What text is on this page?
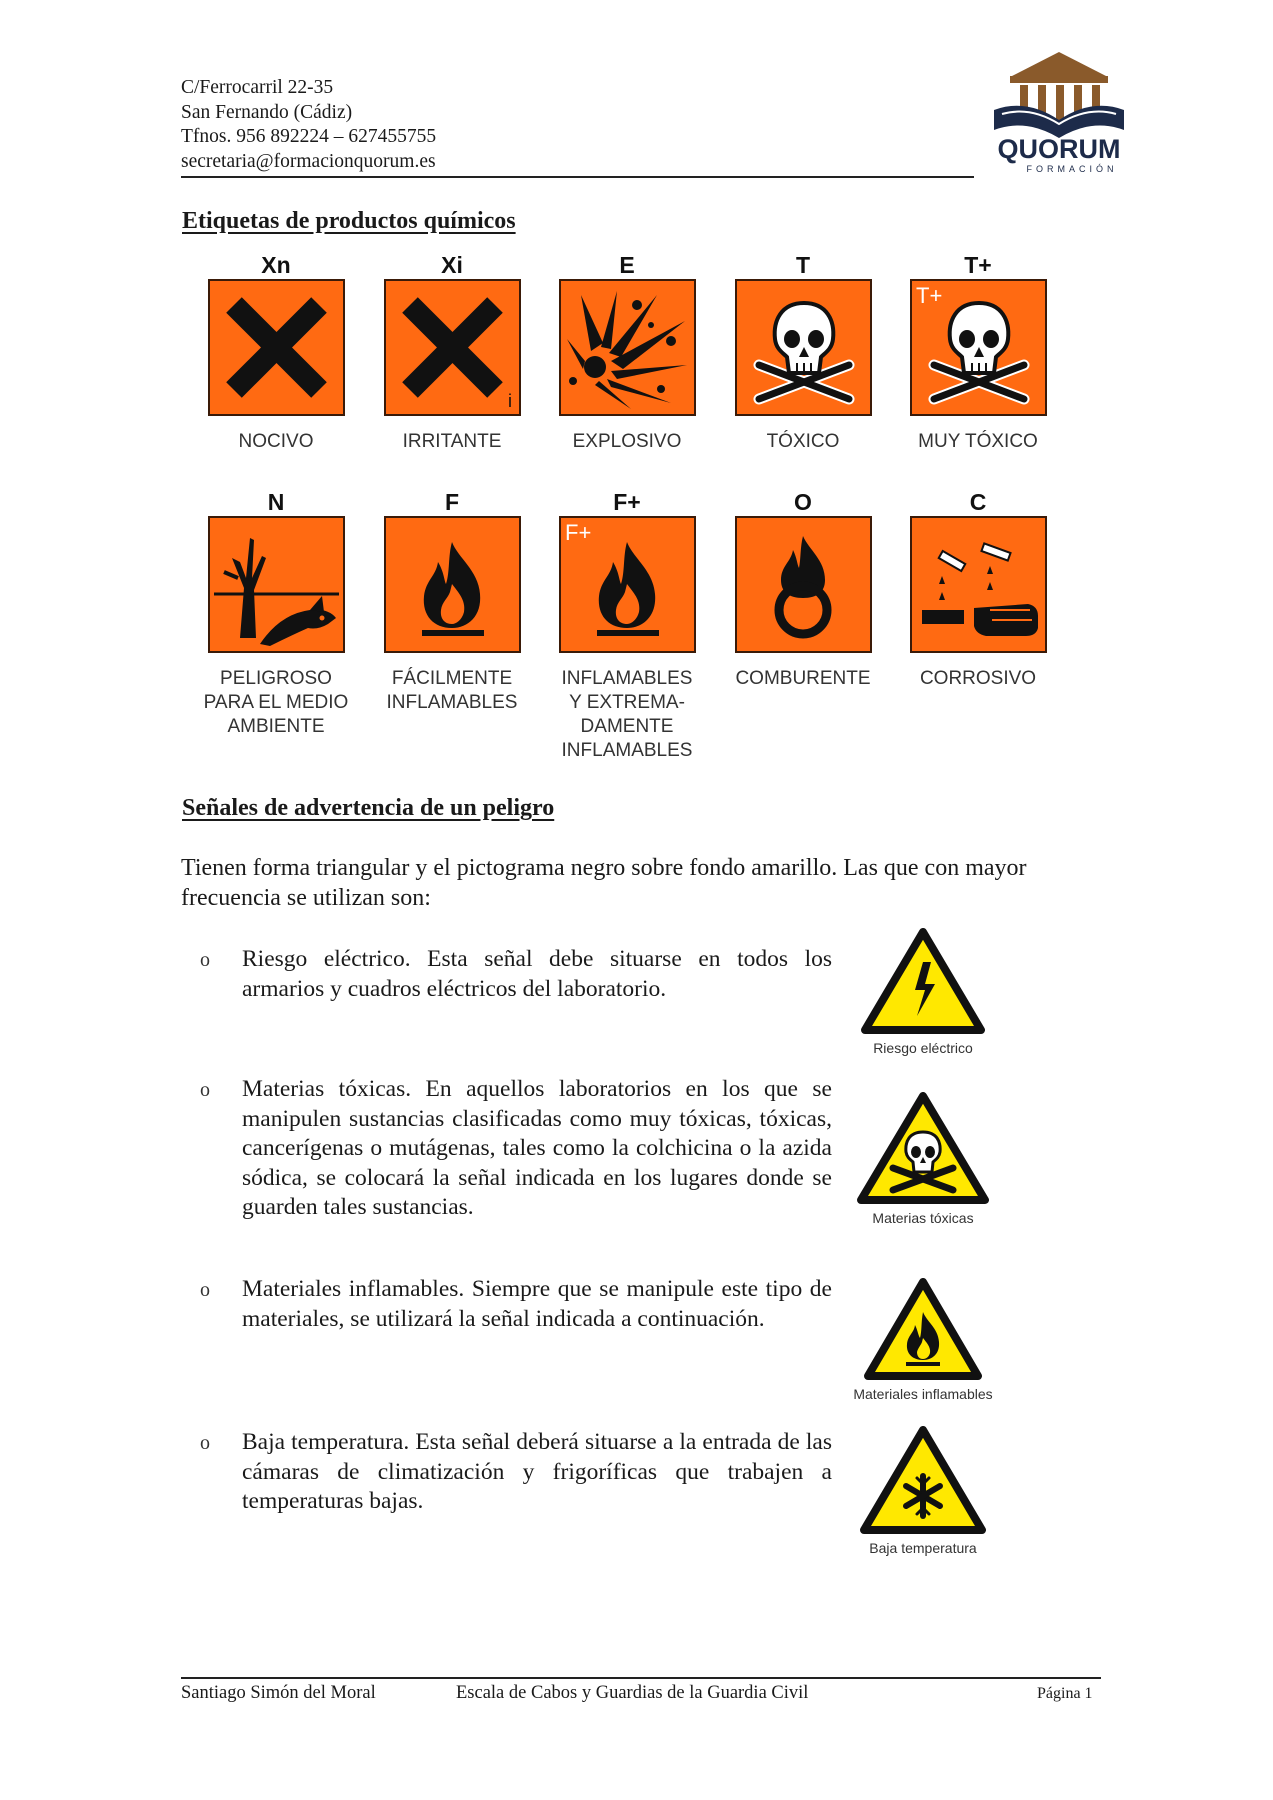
C/Ferrocarril 22-35
San Fernando (Cádiz)
Tfnos. 956 892224 – 627455755
secretaria@formacionquorum.es	QUORUM
FORMACIÓN
Etiquetas de productos químicos
Xn
NOCIVO
Xi
i
IRRITANTE
E
EXPLOSIVO
T
TÓXICO
T+
T+
MUY TÓXICO
N
PELIGROSO
PARA EL MEDIO
AMBIENTE
F
FÁCILMENTE
INFLAMABLES
F+
F+
INFLAMABLES
Y EXTREMA-
DAMENTE
INFLAMABLES
O
COMBURENTE
C
CORROSIVO
Señales de advertencia de un peligro
Tienen forma triangular y el pictograma negro sobre fondo amarillo. Las que con mayor frecuencia se utilizan son:
o Riesgo eléctrico. Esta señal debe situarse en todos los armarios y cuadros eléctricos del laboratorio.
o Materias tóxicas. En aquellos laboratorios en los que se manipulen sustancias clasificadas como muy tóxicas, tóxicas, cancerígenas o mutágenas, tales como la colchicina o la azida sódica, se colocará la señal indicada en los lugares donde se guarden tales sustancias.
o Materiales inflamables. Siempre que se manipule este tipo de materiales, se utilizará la señal indicada a continuación.
o Baja temperatura. Esta señal deberá situarse a la entrada de las cámaras de climatización y frigoríficas que trabajen a temperaturas bajas.
Riesgo eléctrico
Materias tóxicas
Materiales inflamables
Baja temperatura
Santiago Simón del Moral	Escala de Cabos y Guardias de la Guardia Civil	Página 1
